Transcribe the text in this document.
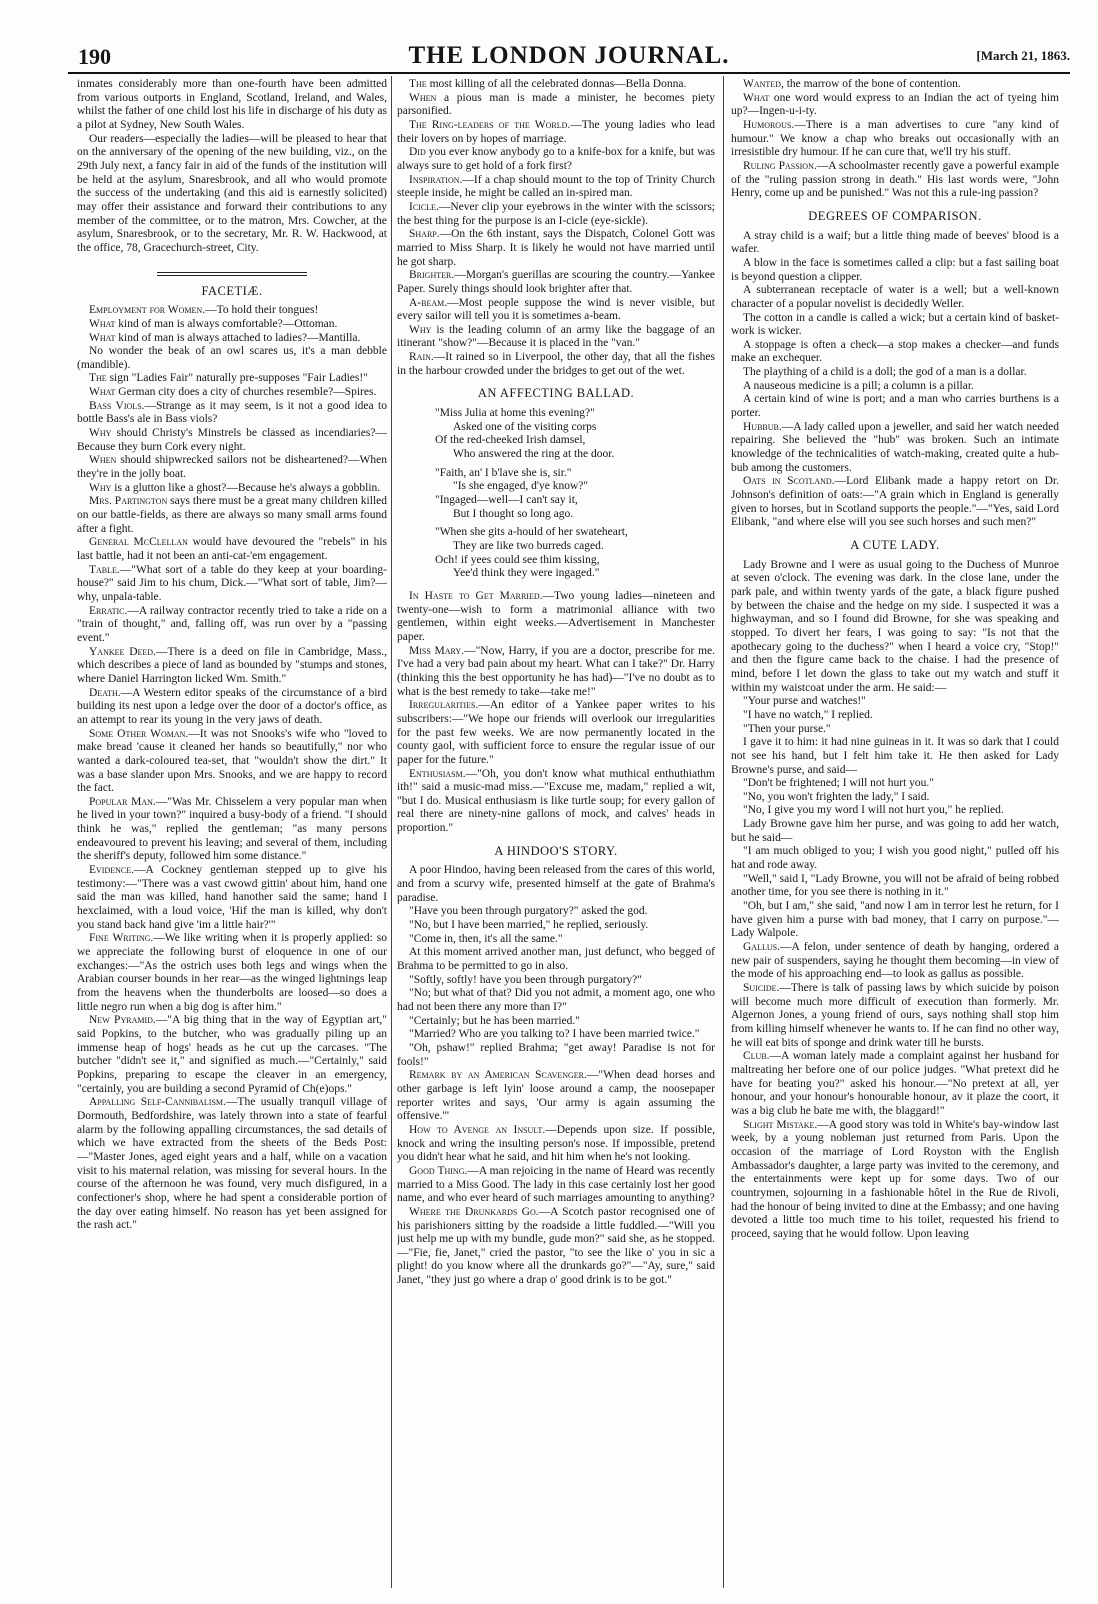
190	THE LONDON JOURNAL.	[March 21, 1863.

inmates considerably more than one-fourth have been admitted from various outports in England, Scotland, Ireland, and Wales, whilst the father of one child lost his life in discharge of his duty as a pilot at Sydney, New South Wales.

Our readers—especially the ladies—will be pleased to hear that on the anniversary of the opening of the new building, viz., on the 29th July next, a fancy fair in aid of the funds of the institution will be held at the asylum, Snaresbrook, and all who would promote the success of the undertaking (and this aid is earnestly solicited) may offer their assistance and forward their contributions to any member of the committee, or to the matron, Mrs. Cowcher, at the asylum, Snaresbrook, or to the secretary, Mr. R. W. Hackwood, at the office, 78, Gracechurch-street, City.

FACETIÆ.

Employment for Women.—To hold their tongues!

What kind of man is always comfortable?—Ottoman.

What kind of man is always attached to ladies?—Mantilla.

No wonder the beak of an owl scares us, it's a man debble (mandible).

The sign "Ladies Fair" naturally pre-supposes "Fair Ladies!"

What German city does a city of churches resemble?—Spires.

Bass Viols.—Strange as it may seem, is it not a good idea to bottle Bass's ale in Bass viols?

Why should Christy's Minstrels be classed as incendiaries?—Because they burn Cork every night.

When should shipwrecked sailors not be disheartened?—When they're in the jolly boat.

Why is a glutton like a ghost?—Because he's always a gobblin.

Mrs. Partington says there must be a great many children killed on our battle-fields, as there are always so many small arms found after a fight.

General McClellan would have devoured the "rebels" in his last battle, had it not been an anti-cat-'em engagement.

Table.—"What sort of a table do they keep at your boarding-house?" said Jim to his chum, Dick.—"What sort of table, Jim?—why, unpala-table.

Erratic.—A railway contractor recently tried to take a ride on a "train of thought," and, falling off, was run over by a "passing event."

Yankee Deed.—There is a deed on file in Cambridge, Mass., which describes a piece of land as bounded by "stumps and stones, where Daniel Harrington licked Wm. Smith."

Death.—A Western editor speaks of the circumstance of a bird building its nest upon a ledge over the door of a doctor's office, as an attempt to rear its young in the very jaws of death.

Some Other Woman.—It was not Snooks's wife who "loved to make bread 'cause it cleaned her hands so beautifully," nor who wanted a dark-coloured tea-set, that "wouldn't show the dirt." It was a base slander upon Mrs. Snooks, and we are happy to record the fact.

Popular Man.—"Was Mr. Chisselem a very popular man when he lived in your town?" inquired a busy-body of a friend. "I should think he was," replied the gentleman; "as many persons endeavoured to prevent his leaving; and several of them, including the sheriff's deputy, followed him some distance."

Evidence.—A Cockney gentleman stepped up to give his testimony:—"There was a vast cwowd gittin' about him, hand one said the man was killed, hand hanother said the same; hand I hexclaimed, with a loud voice, 'Hif the man is killed, why don't you stand back hand give 'im a little hair?'"

Fine Writing.—We like writing when it is properly applied: so we appreciate the following burst of eloquence in one of our exchanges:—"As the ostrich uses both legs and wings when the Arabian courser bounds in her rear—as the winged lightnings leap from the heavens when the thunderbolts are loosed—so does a little negro run when a big dog is after him."

New Pyramid.—"A big thing that in the way of Egyptian art," said Popkins, to the butcher, who was gradually piling up an immense heap of hogs' heads as he cut up the carcases. "The butcher "didn't see it," and signified as much.—"Certainly," said Popkins, preparing to escape the cleaver in an emergency, "certainly, you are building a second Pyramid of Ch(e)ops."

Appalling Self-Cannibalism.—The usually tranquil village of Dormouth, Bedfordshire, was lately thrown into a state of fearful alarm by the following appalling circumstances, the sad details of which we have extracted from the sheets of the Beds Post:—"Master Jones, aged eight years and a half, while on a vacation visit to his maternal relation, was missing for several hours. In the course of the afternoon he was found, very much disfigured, in a confectioner's shop, where he had spent a considerable portion of the day over eating himself. No reason has yet been assigned for the rash act."

The most killing of all the celebrated donnas—Bella Donna.

When a pious man is made a minister, he becomes piety parsonified.

The Ring-leaders of the World.—The young ladies who lead their lovers on by hopes of marriage.

Did you ever know anybody go to a knife-box for a knife, but was always sure to get hold of a fork first?

Inspiration.—If a chap should mount to the top of Trinity Church steeple inside, he might be called an in-spired man.

Icicle.—Never clip your eyebrows in the winter with the scissors; the best thing for the purpose is an I-cicle (eye-sickle).

Sharp.—On the 6th instant, says the Dispatch, Colonel Gott was married to Miss Sharp. It is likely he would not have married until he got sharp.

Brighter.—Morgan's guerillas are scouring the country.—Yankee Paper. Surely things should look brighter after that.

A-beam.—Most people suppose the wind is never visible, but every sailor will tell you it is sometimes a-beam.

Why is the leading column of an army like the baggage of an itinerant "show?"—Because it is placed in the "van."

Rain.—It rained so in Liverpool, the other day, that all the fishes in the harbour crowded under the bridges to get out of the wet.

AN AFFECTING BALLAD.
"Miss Julia at home this evening?"
Asked one of the visiting corps
Of the red-cheeked Irish damsel,
Who answered the ring at the door.
"Faith, an' I b'lave she is, sir."
"Is she engaged, d'ye know?"
"Ingaged—well—I can't say it,
But I thought so long ago.
"When she gits a-hould of her swateheart,
They are like two burreds caged.
Och! if yees could see thim kissing,
Yee'd think they were ingaged."

In Haste to Get Married.—Two young ladies—nineteen and twenty-one—wish to form a matrimonial alliance with two gentlemen, within eight weeks.—Advertisement in Manchester paper.

Miss Mary.—"Now, Harry, if you are a doctor, prescribe for me. I've had a very bad pain about my heart. What can I take?" Dr. Harry (thinking this the best opportunity he has had)—"I've no doubt as to what is the best remedy to take—take me!"

Irregularities.—An editor of a Yankee paper writes to his subscribers:—"We hope our friends will overlook our irregularities for the past few weeks. We are now permanently located in the county gaol, with sufficient force to ensure the regular issue of our paper for the future."

Enthusiasm.—"Oh, you don't know what muthical enthuthiathm ith!" said a music-mad miss.—"Excuse me, madam," replied a wit, "but I do. Musical enthusiasm is like turtle soup; for every gallon of real there are ninety-nine gallons of mock, and calves' heads in proportion."

A HINDOO'S STORY.

A poor Hindoo, having been released from the cares of this world, and from a scurvy wife, presented himself at the gate of Brahma's paradise.

"Have you been through purgatory?" asked the god.

"No, but I have been married," he replied, seriously.

"Come in, then, it's all the same."

At this moment arrived another man, just defunct, who begged of Brahma to be permitted to go in also.

"Softly, softly! have you been through purgatory?"

"No; but what of that? Did you not admit, a moment ago, one who had not been there any more than I?"

"Certainly; but he has been married."

"Married? Who are you talking to? I have been married twice."

"Oh, pshaw!" replied Brahma; "get away! Paradise is not for fools!"

Remark by an American Scavenger.—"When dead horses and other garbage is left lyin' loose around a camp, the noosepaper reporter writes and says, 'Our army is again assuming the offensive.'"

How to Avenge an Insult.—Depends upon size. If possible, knock and wring the insulting person's nose. If impossible, pretend you didn't hear what he said, and hit him when he's not looking.

Good Thing.—A man rejoicing in the name of Heard was recently married to a Miss Good. The lady in this case certainly lost her good name, and who ever heard of such marriages amounting to anything?

Where the Drunkards Go.—A Scotch pastor recognised one of his parishioners sitting by the roadside a little fuddled.—"Will you just help me up with my bundle, gude mon?" said she, as he stopped.—"Fie, fie, Janet," cried the pastor, "to see the like o' you in sic a plight! do you know where all the drunkards go?"—"Ay, sure," said Janet, "they just go where a drap o' good drink is to be got."

Wanted, the marrow of the bone of contention.

What one word would express to an Indian the act of tyeing him up?—Ingen-u-i-ty.

Humorous.—There is a man advertises to cure "any kind of humour." We know a chap who breaks out occasionally with an irresistible dry humour. If he can cure that, we'll try his stuff.

Ruling Passion.—A schoolmaster recently gave a powerful example of the "ruling passion strong in death." His last words were, "John Henry, come up and be punished." Was not this a rule-ing passion?

DEGREES OF COMPARISON.

A stray child is a waif; but a little thing made of beeves' blood is a wafer.

A blow in the face is sometimes called a clip: but a fast sailing boat is beyond question a clipper.

A subterranean receptacle of water is a well; but a well-known character of a popular novelist is decidedly Weller.

The cotton in a candle is called a wick; but a certain kind of basket-work is wicker.

A stoppage is often a check—a stop makes a checker—and funds make an exchequer.

The plaything of a child is a doll; the god of a man is a dollar.

A nauseous medicine is a pill; a column is a pillar.

A certain kind of wine is port; and a man who carries burthens is a porter.

Hubbub.—A lady called upon a jeweller, and said her watch needed repairing. She believed the "hub" was broken. Such an intimate knowledge of the technicalities of watch-making, created quite a hub-bub among the customers.

Oats in Scotland.—Lord Elibank made a happy retort on Dr. Johnson's definition of oats:—"A grain which in England is generally given to horses, but in Scotland supports the people."—"Yes, said Lord Elibank, "and where else will you see such horses and such men?"

A CUTE LADY.

Lady Browne and I were as usual going to the Duchess of Munroe at seven o'clock. The evening was dark. In the close lane, under the park pale, and within twenty yards of the gate, a black figure pushed by between the chaise and the hedge on my side. I suspected it was a highwayman, and so I found did Browne, for she was speaking and stopped. To divert her fears, I was going to say: "Is not that the apothecary going to the duchess?" when I heard a voice cry, "Stop!" and then the figure came back to the chaise. I had the presence of mind, before I let down the glass to take out my watch and stuff it within my waistcoat under the arm. He said:—

"Your purse and watches!"

"I have no watch," I replied.

"Then your purse."

I gave it to him: it had nine guineas in it. It was so dark that I could not see his hand, but I felt him take it. He then asked for Lady Browne's purse, and said—

"Don't be frightened; I will not hurt you."

"No, you won't frighten the lady," I said.

"No, I give you my word I will not hurt you," he replied.

Lady Browne gave him her purse, and was going to add her watch, but he said—

"I am much obliged to you; I wish you good night," pulled off his hat and rode away.

"Well," said I, "Lady Browne, you will not be afraid of being robbed another time, for you see there is nothing in it."

"Oh, but I am," she said, "and now I am in terror lest he return, for I have given him a purse with bad money, that I carry on purpose."—Lady Walpole.

Gallus.—A felon, under sentence of death by hanging, ordered a new pair of suspenders, saying he thought them becoming—in view of the mode of his approaching end—to look as gallus as possible.

Suicide.—There is talk of passing laws by which suicide by poison will become much more difficult of execution than formerly. Mr. Algernon Jones, a young friend of ours, says nothing shall stop him from killing himself whenever he wants to. If he can find no other way, he will eat bits of sponge and drink water till he bursts.

Club.—A woman lately made a complaint against her husband for maltreating her before one of our police judges. "What pretext did he have for beating you?" asked his honour.—"No pretext at all, yer honour, and your honour's honourable honour, av it plaze the coort, it was a big club he bate me with, the blaggard!"

Slight Mistake.—A good story was told in White's bay-window last week, by a young nobleman just returned from Paris. Upon the occasion of the marriage of Lord Royston with the English Ambassador's daughter, a large party was invited to the ceremony, and the entertainments were kept up for some days. Two of our countrymen, sojourning in a fashionable hôtel in the Rue de Rivoli, had the honour of being invited to dine at the Embassy; and one having devoted a little too much time to his toilet, requested his friend to proceed, saying that he would follow. Upon leaving
